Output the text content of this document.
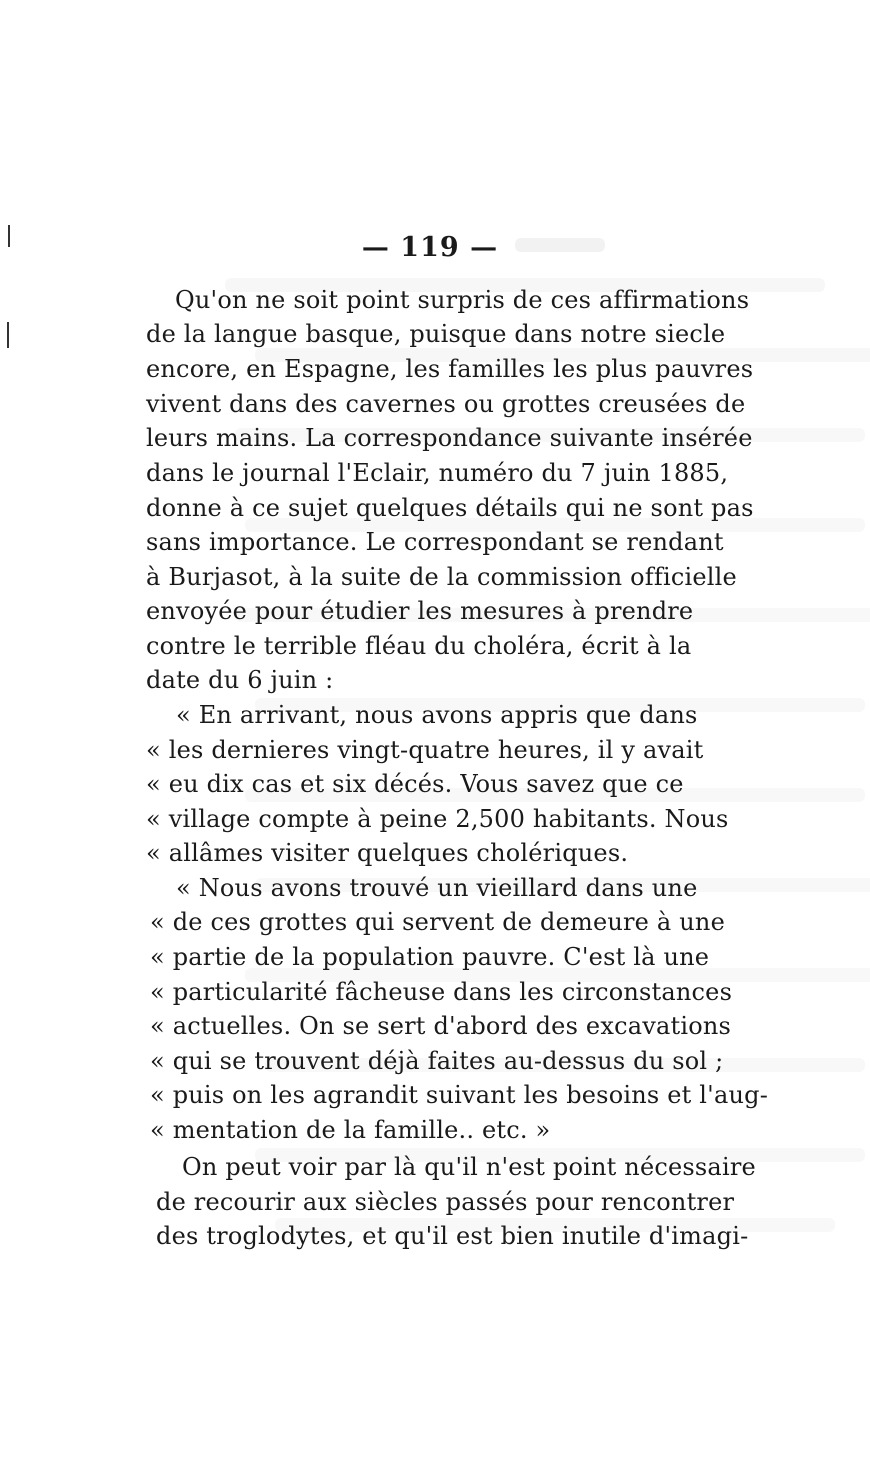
— 119 —
Qu'on ne soit point surpris de ces affirmations
de la langue basque, puisque dans notre siecle
encore, en Espagne, les familles les plus pauvres
vivent dans des cavernes ou grottes creusées de
leurs mains. La correspondance suivante insérée
dans le journal l'Eclair, numéro du 7 juin 1885,
donne à ce sujet quelques détails qui ne sont pas
sans importance. Le correspondant se rendant
à Burjasot, à la suite de la commission officielle
envoyée pour étudier les mesures à prendre
contre le terrible fléau du choléra, écrit à la
date du 6 juin :
« En arrivant, nous avons appris que dans
« les dernieres vingt-quatre heures, il y avait
« eu dix cas et six décés. Vous savez que ce
« village compte à peine 2,500 habitants. Nous
« allâmes visiter quelques cholériques.
« Nous avons trouvé un vieillard dans une
« de ces grottes qui servent de demeure à une
« partie de la population pauvre. C'est là une
« particularité fâcheuse dans les circonstances
« actuelles. On se sert d'abord des excavations
« qui se trouvent déjà faites au-dessus du sol ;
« puis on les agrandit suivant les besoins et l'aug-
« mentation de la famille.. etc. »
On peut voir par là qu'il n'est point nécessaire
de recourir aux siècles passés pour rencontrer
des troglodytes, et qu'il est bien inutile d'imagi-
